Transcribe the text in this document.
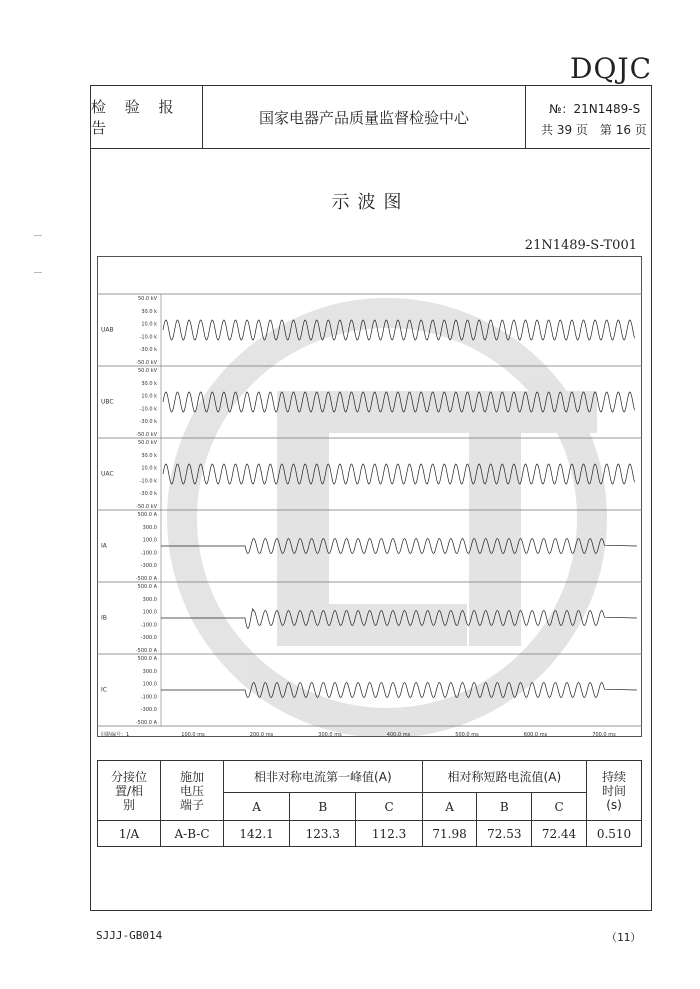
DQJC
检 验 报 告
国家电器产品质量监督检验中心	№：21N1489-S
共 39 页　第 16 页
示波图
21N1489-S-T001
UAB
50.0 kV
30.0 k
10.0 k
-10.0 k
-30.0 k
-50.0 kV
UBC
50.0 kV
30.0 k
10.0 k
-10.0 k
-30.0 k
-50.0 kV
UAC
50.0 kV
30.0 k
10.0 k
-10.0 k
-30.0 k
-50.0 kV
IA
500.0 A
300.0
100.0
-100.0
-300.0
-500.0 A
IB
500.0 A
300.0
100.0
-100.0
-300.0
-500.0 A
IC
500.0 A
300.0
100.0
-100.0
-300.0
-500.0 A
回路编号：1	100.0 ms	200.0 ms	300.0 ms	400.0 ms	500.0 ms	600.0 ms	700.0 ms
分接位置/相别	施加电压端子	相非对称电流第一峰值(A)			相对称短路电流值(A)			持续时间(s)

		A	B	C	A	B	C	
1/A	A-B-C	142.1	123.3	112.3	71.98	72.53	72.44	0.510
SJJJ-GB014	（11）
